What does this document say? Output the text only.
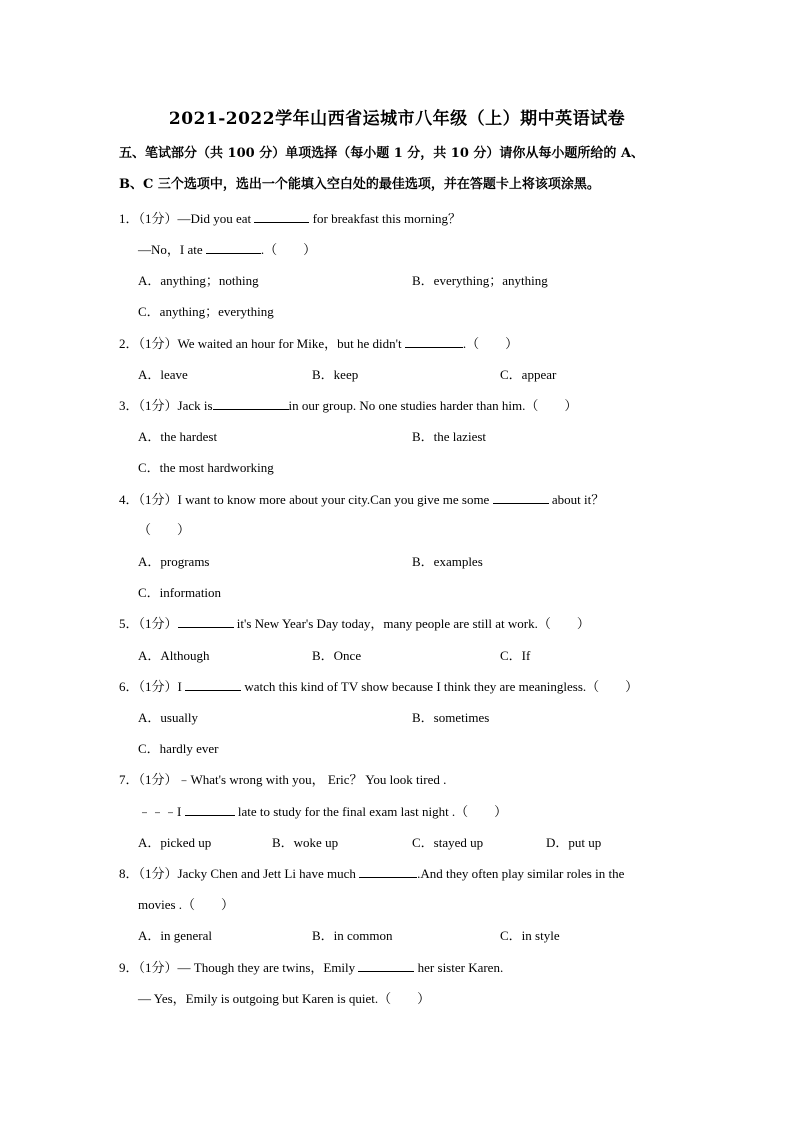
2021-2022学年山西省运城市八年级（上）期中英语试卷
五、笔试部分（共 100 分）单项选择（每小题 1 分，共 10 分）请你从每小题所给的 A、
B、C 三个选项中，选出一个能填入空白处的最佳选项，并在答题卡上将该项涂黑。
1．（1分）—Did you eat	for breakfast this morning？
—No，I ate	.（　　）
A．anything；nothing	B．everything；anything
C．anything；everything
2．（1分）We waited an hour for Mike，but he didn't	.（　　）
A．leave	B．keep	C．appear
3．（1分）Jack is	in our group. No one studies harder than him.（　　）
A．the hardest	B．the laziest
C．the most hardworking
4．（1分）I want to know more about your city.Can you give me some	about it？
（　　）
A．programs	B．examples
C．information
5．（1分）	it's New Year's Day today，many people are still at work.（　　）
A．Although	B．Once	C．If
6．（1分）I	watch this kind of TV show because I think they are meaningless.（　　）
A．usually	B．sometimes
C．hardly ever
7．（1分）﹣What's wrong with you， Eric？ You look tired .
﹣﹣﹣I	late to study for the final exam last night .（　　）
A．picked up	B．woke up	C．stayed up	D．put up
8．（1分）Jacky Chen and Jett Li have much	.And they often play similar roles in the
movies .（　　）
A．in general	B．in common	C．in style
9．（1分）— Though they are twins，Emily	her sister Karen.
— Yes，Emily is outgoing but Karen is quiet.（　　）
